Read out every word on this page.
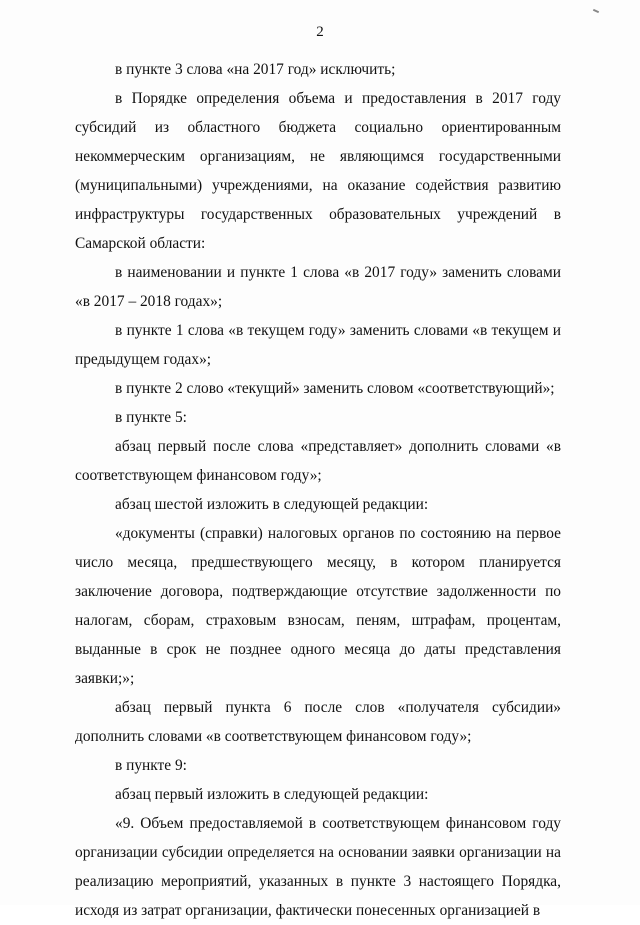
2

в пункте 3 слова «на 2017 год» исключить;

в Порядке определения объема и предоставления в 2017 году субсидий из областного бюджета социально ориентированным некоммерческим организациям, не являющимся государственными (муниципальными) учреждениями, на оказание содействия развитию инфраструктуры государственных образовательных учреждений в Самарской области:

в наименовании и пункте 1 слова «в 2017 году» заменить словами «в 2017 – 2018 годах»;

в пункте 1 слова «в текущем году» заменить словами «в текущем и предыдущем годах»;

в пункте 2 слово «текущий» заменить словом «соответствующий»;

в пункте 5:

абзац первый после слова «представляет» дополнить словами «в соответствующем финансовом году»;

абзац шестой изложить в следующей редакции:

«документы (справки) налоговых органов по состоянию на первое число месяца, предшествующего месяцу, в котором планируется заключение договора, подтверждающие отсутствие задолженности по налогам, сборам, страховым взносам, пеням, штрафам, процентам, выданные в срок не позднее одного месяца до даты представления заявки;»;

абзац первый пункта 6 после слов «получателя субсидии» дополнить словами «в соответствующем финансовом году»;

в пункте 9:

абзац первый изложить в следующей редакции:

«9. Объем предоставляемой в соответствующем финансовом году организации субсидии определяется на основании заявки организации на реализацию мероприятий, указанных в пункте 3 настоящего Порядка, исходя из затрат организации, фактически понесенных организацией в
